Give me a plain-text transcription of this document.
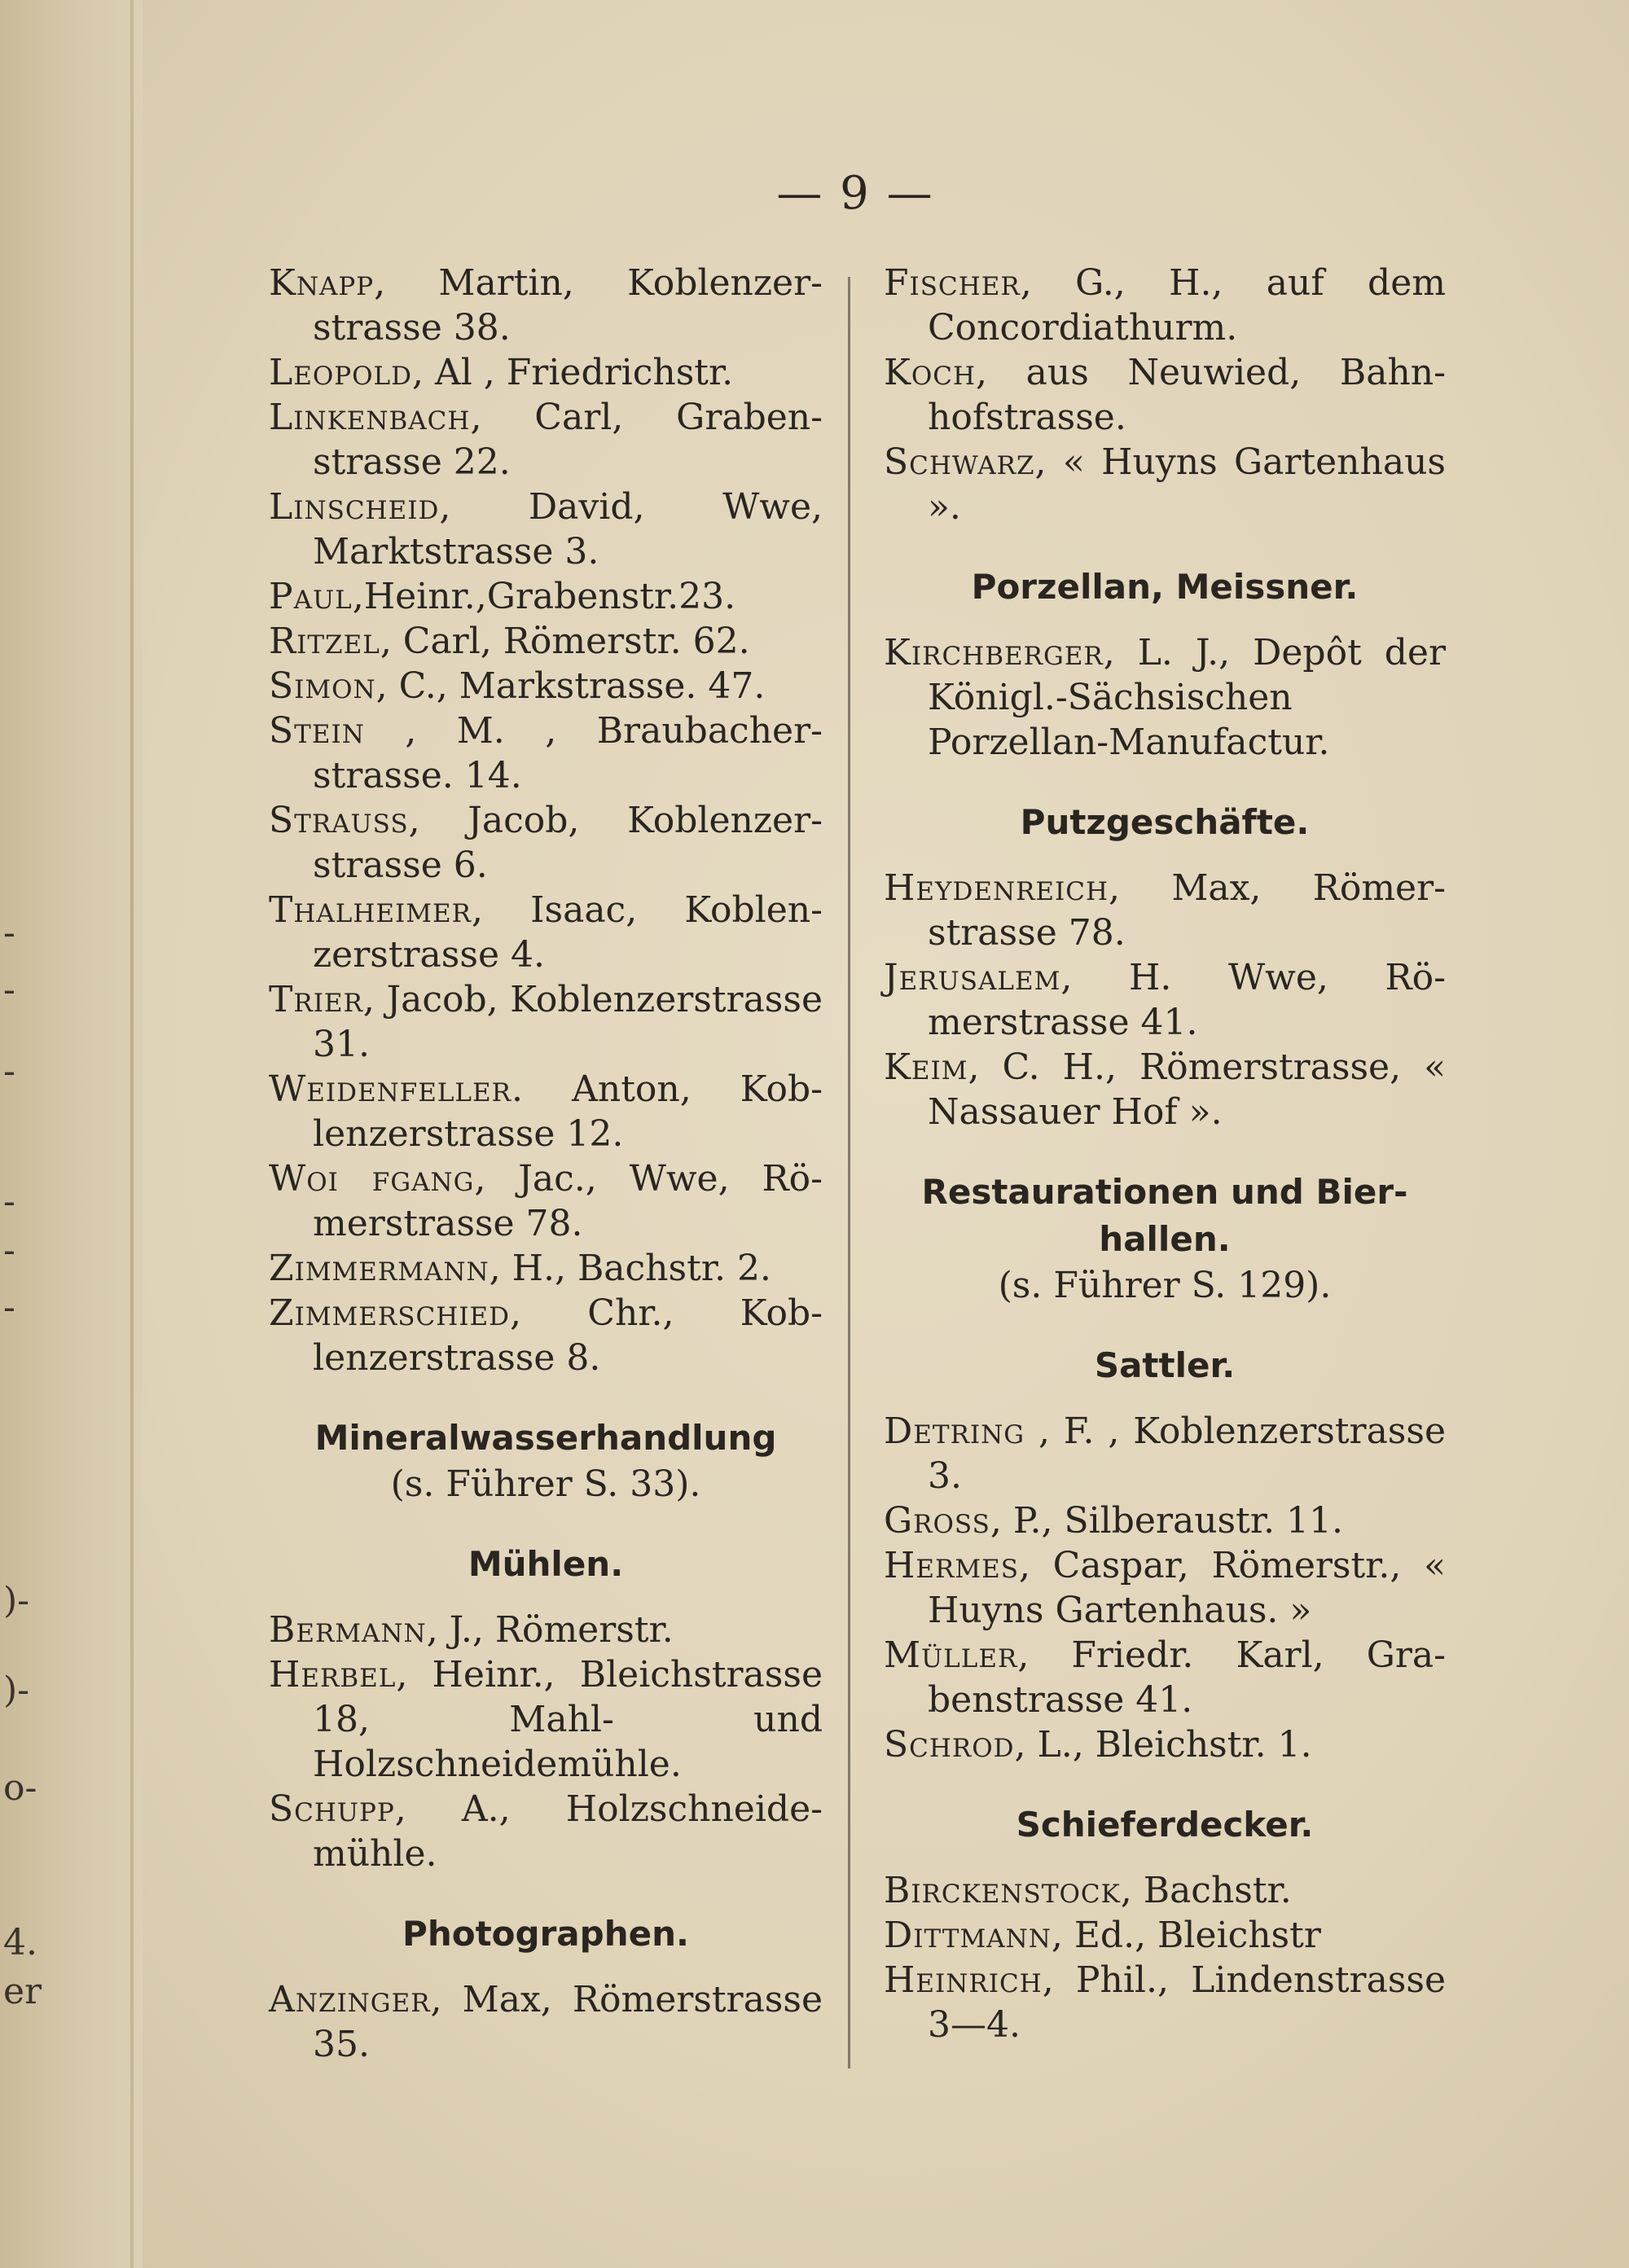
-
-
-
-
-
-
)-
)-
o-
4.
er
— 9 —
Knapp, Martin, Koblenzerstrasse 38.
Leopold, Al , Friedrichstr.
Linkenbach, Carl, Grabenstrasse 22.
Linscheid, David, Wwe, Marktstrasse 3.
Paul,Heinr.,Grabenstr.23.
Ritzel, Carl, Römerstr. 62.
Simon, C., Markstrasse. 47.
Stein , M. , Braubacherstrasse. 14.
Strauss, Jacob, Koblenzerstrasse 6.
Thalheimer, Isaac, Koblenzerstrasse 4.
Trier, Jacob, Koblenzerstrasse 31.
Weidenfeller. Anton, Koblenzerstrasse 12.
Woi fgang, Jac., Wwe, Römerstrasse 78.
Zimmermann, H., Bachstr. 2.
Zimmerschied, Chr., Koblenzerstrasse 8.
Mineralwasserhandlung
(s. Führer S. 33).
Mühlen.
Bermann, J., Römerstr.
Herbel, Heinr., Bleichstrasse 18, Mahl- und Holzschneidemühle.
Schupp, A., Holzschneidemühle.
Photographen.
Anzinger, Max, Römerstrasse 35.
Fischer, G., H., auf dem Concordiathurm.
Koch, aus Neuwied, Bahnhofstrasse.
Schwarz, « Huyns Gartenhaus ».
Porzellan, Meissner.
Kirchberger, L. J., Depôt der Königl.-Sächsischen Porzellan-Manufactur.
Putzgeschäfte.
Heydenreich, Max, Römerstrasse 78.
Jerusalem, H. Wwe, Römerstrasse 41.
Keim, C. H., Römerstrasse, « Nassauer Hof ».
Restaurationen und Bierhallen.
(s. Führer S. 129).
Sattler.
Detring , F. , Koblenzerstrasse 3.
Gross, P., Silberaustr. 11.
Hermes, Caspar, Römerstr., « Huyns Gartenhaus. »
Müller, Friedr. Karl, Grabenstrasse 41.
Schrod, L., Bleichstr. 1.
Schieferdecker.
Birckenstock, Bachstr.
Dittmann, Ed., Bleichstr
Heinrich, Phil., Lindenstrasse 3—4.
